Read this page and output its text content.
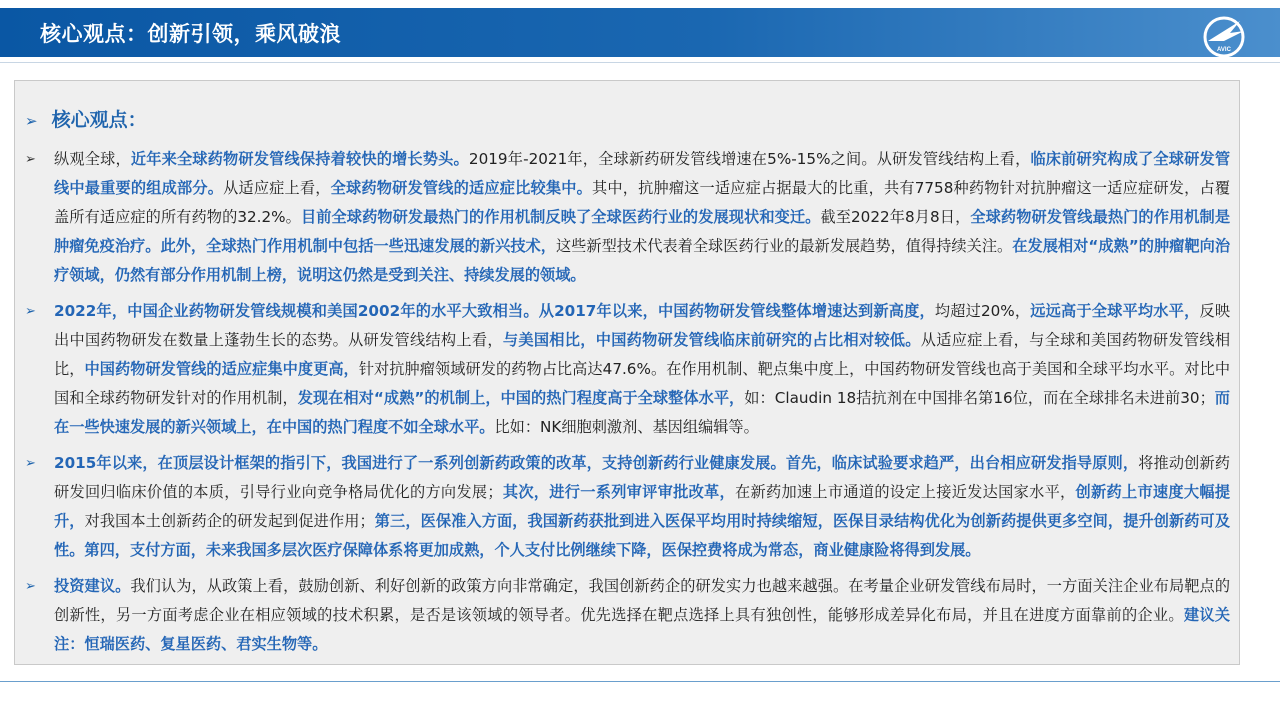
核心观点：创新引领，乘风破浪
AVIC
➢ 核心观点：
➢ 纵观全球，近年来全球药物研发管线保持着较快的增长势头。2019年-2021年，全球新药研发管线增速在5%-15%之间。从研发管线结构上看，临床前研究构成了全球研发管线中最重要的组成部分。从适应症上看，全球药物研发管线的适应症比较集中。其中，抗肿瘤这一适应症占据最大的比重，共有7758种药物针对抗肿瘤这一适应症研发，占覆盖所有适应症的所有药物的32.2%。目前全球药物研发最热门的作用机制反映了全球医药行业的发展现状和变迁。截至2022年8月8日，全球药物研发管线最热门的作用机制是肿瘤免疫治疗。此外，全球热门作用机制中包括一些迅速发展的新兴技术，这些新型技术代表着全球医药行业的最新发展趋势，值得持续关注。在发展相对“成熟”的肿瘤靶向治疗领域，仍然有部分作用机制上榜，说明这仍然是受到关注、持续发展的领域。
➢ 2022年，中国企业药物研发管线规模和美国2002年的水平大致相当。从2017年以来，中国药物研发管线整体增速达到新高度，均超过20%，远远高于全球平均水平，反映出中国药物研发在数量上蓬勃生长的态势。从研发管线结构上看，与美国相比，中国药物研发管线临床前研究的占比相对较低。从适应症上看，与全球和美国药物研发管线相比，中国药物研发管线的适应症集中度更高，针对抗肿瘤领域研发的药物占比高达47.6%。在作用机制、靶点集中度上，中国药物研发管线也高于美国和全球平均水平。对比中国和全球药物研发针对的作用机制，发现在相对“成熟”的机制上，中国的热门程度高于全球整体水平，如：Claudin 18拮抗剂在中国排名第16位，而在全球排名未进前30；而在一些快速发展的新兴领域上，在中国的热门程度不如全球水平。比如：NK细胞刺激剂、基因组编辑等。
➢ 2015年以来，在顶层设计框架的指引下，我国进行了一系列创新药政策的改革，支持创新药行业健康发展。首先，临床试验要求趋严，出台相应研发指导原则，将推动创新药研发回归临床价值的本质，引导行业向竞争格局优化的方向发展；其次，进行一系列审评审批改革，在新药加速上市通道的设定上接近发达国家水平，创新药上市速度大幅提升，对我国本土创新药企的研发起到促进作用；第三，医保准入方面，我国新药获批到进入医保平均用时持续缩短，医保目录结构优化为创新药提供更多空间，提升创新药可及性。第四，支付方面，未来我国多层次医疗保障体系将更加成熟，个人支付比例继续下降，医保控费将成为常态，商业健康险将得到发展。
➢ 投资建议。我们认为，从政策上看，鼓励创新、利好创新的政策方向非常确定，我国创新药企的研发实力也越来越强。在考量企业研发管线布局时，一方面关注企业布局靶点的创新性，另一方面考虑企业在相应领域的技术积累，是否是该领域的领导者。优先选择在靶点选择上具有独创性，能够形成差异化布局，并且在进度方面靠前的企业。建议关注：恒瑞医药、复星医药、君实生物等。
